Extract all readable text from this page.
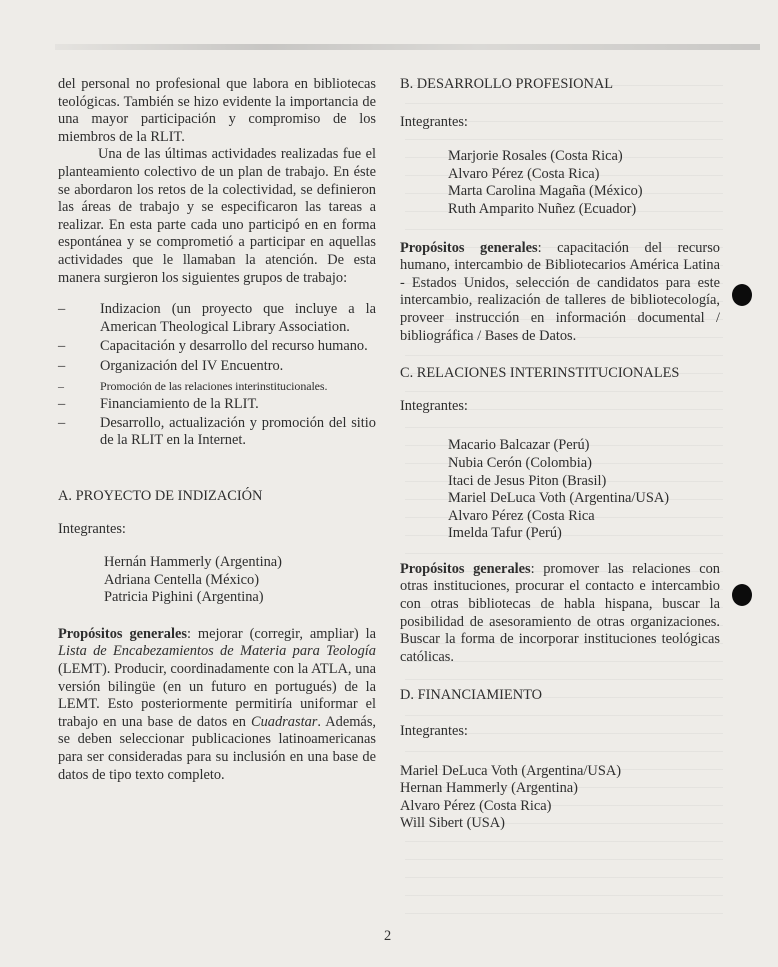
del personal no profesional que labora en bibliotecas teológicas. También se hizo evidente la importancia de una mayor participación y compromiso de los miembros de la RLIT.

Una de las últimas actividades realizadas fue el planteamiento colectivo de un plan de trabajo. En éste se abordaron los retos de la colectividad, se definieron las áreas de trabajo y se especificaron las tareas a realizar. En esta parte cada uno participó en en forma espontánea y se comprometió a participar en aquellas actividades que le llamaban la atención. De esta manera surgieron los siguientes grupos de trabajo:

– Indizacion (un proyecto que incluye a la American Theological Library Association.
– Capacitación y desarrollo del recurso humano.
– Organización del IV Encuentro.
– Promoción de las relaciones interinstitucionales.
– Financiamiento de la RLIT.
– Desarrollo, actualización y promoción del sitio de la RLIT en la Internet.

A. PROYECTO DE INDIZACIÓN

Integrantes:

Hernán Hammerly (Argentina)
Adriana Centella (México)
Patricia Pighini (Argentina)

Propósitos generales: mejorar (corregir, ampliar) la Lista de Encabezamientos de Materia para Teología (LEMT). Producir, coordinadamente con la ATLA, una versión bilingüe (en un futuro en portugués) de la LEMT. Esto posteriormente permitiría uniformar el trabajo en una base de datos en Cuadrastar. Además, se deben seleccionar publicaciones latinoamericanas para ser consideradas para su inclusión en una base de datos de tipo texto completo.

B. DESARROLLO PROFESIONAL

Integrantes:

Marjorie Rosales (Costa Rica)
Alvaro Pérez (Costa Rica)
Marta Carolina Magaña (México)
Ruth Amparito Nuñez (Ecuador)

Propósitos generales: capacitación del recurso humano, intercambio de Bibliotecarios América Latina - Estados Unidos, selección de candidatos para este intercambio, realización de talleres de bibliotecología, proveer instrucción en información documental / bibliográfica / Bases de Datos.

C. RELACIONES INTERINSTITUCIONALES

Integrantes:

Macario Balcazar (Perú)
Nubia Cerón (Colombia)
Itaci de Jesus Piton (Brasil)
Mariel DeLuca Voth (Argentina/USA)
Alvaro Pérez (Costa Rica
Imelda Tafur (Perú)

Propósitos generales: promover las relaciones con otras instituciones, procurar el contacto e intercambio con otras bibliotecas de habla hispana, buscar la posibilidad de asesoramiento de otras organizaciones. Buscar la forma de incorporar instituciones teológicas católicas.

D. FINANCIAMIENTO

Integrantes:

Mariel DeLuca Voth (Argentina/USA)
Hernan Hammerly (Argentina)
Alvaro Pérez (Costa Rica)
Will Sibert (USA)
2
